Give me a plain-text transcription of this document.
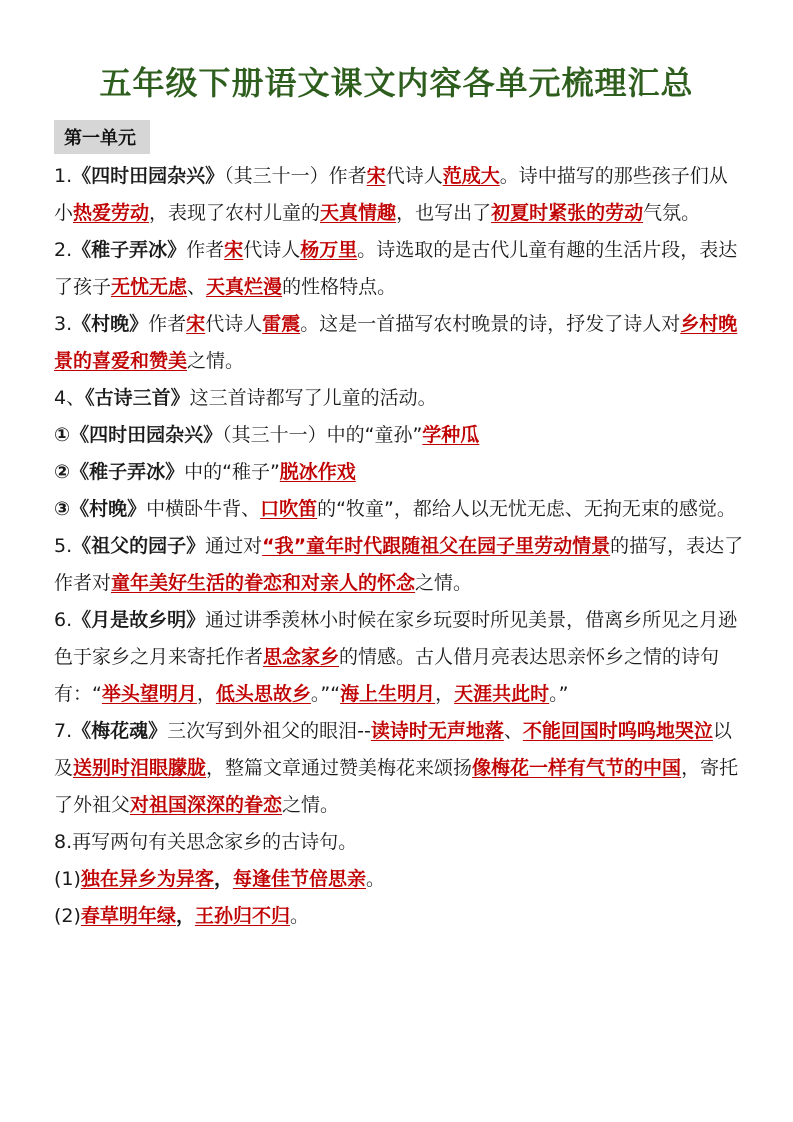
五年级下册语文课文内容各单元梳理汇总
第一单元

1.《四时田园杂兴》（其三十一）作者宋代诗人范成大。诗中描写的那些孩子们从小热爱劳动，表现了农村儿童的天真情趣，也写出了初夏时紧张的劳动气氛。

2.《稚子弄冰》作者宋代诗人杨万里。诗选取的是古代儿童有趣的生活片段，表达了孩子无忧无虑、天真烂漫的性格特点。

3.《村晚》作者宋代诗人雷震。这是一首描写农村晚景的诗，抒发了诗人对乡村晚景的喜爱和赞美之情。

4、《古诗三首》这三首诗都写了儿童的活动。

①《四时田园杂兴》（其三十一）中的“童孙”学种瓜

②《稚子弄冰》中的“稚子”脱冰作戏

③《村晚》中横卧牛背、口吹笛的“牧童”，都给人以无忧无虑、无拘无束的感觉。

5.《祖父的园子》通过对“我”童年时代跟随祖父在园子里劳动情景的描写，表达了作者对童年美好生活的眷恋和对亲人的怀念之情。

6.《月是故乡明》通过讲季羡林小时候在家乡玩耍时所见美景，借离乡所见之月逊色于家乡之月来寄托作者思念家乡的情感。古人借月亮表达思亲怀乡之情的诗句有：“举头望明月，低头思故乡。”“海上生明月，天涯共此时。”

7.《梅花魂》三次写到外祖父的眼泪--读诗时无声地落、不能回国时呜呜地哭泣以及送别时泪眼朦胧，整篇文章通过赞美梅花来颂扬像梅花一样有气节的中国，寄托了外祖父对祖国深深的眷恋之情。

8.再写两句有关思念家乡的古诗句。

(1)独在异乡为异客，每逢佳节倍思亲。

(2)春草明年绿，王孙归不归。
